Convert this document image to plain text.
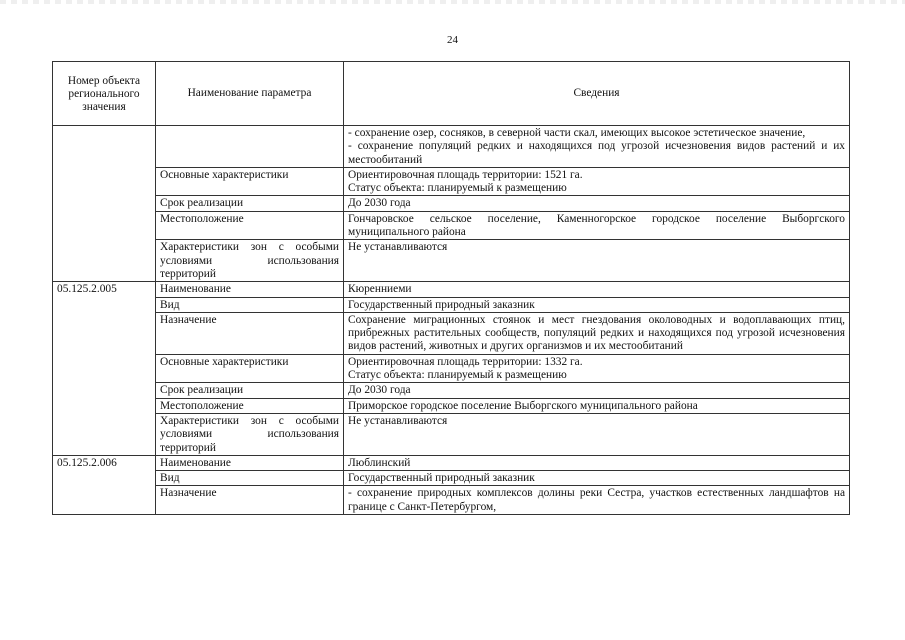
24
Номер объекта регионального значения	Наименование параметра	Сведения

		- сохранение озер, сосняков, в северной части скал, имеющих высокое эстетическое значение,
- сохранение популяций редких и находящихся под угрозой исчезновения видов растений и их местообитаний

	Основные характеристики	Ориентировочная площадь территории: 1521 га.
Статус объекта: планируемый к размещению

	Срок реализации	До 2030 года
	Местоположение	Гончаровское сельское поселение, Каменногорское городское поселение Выборгского муниципального района
	Характеристики зон с особыми условиями использования территорий	Не устанавливаются
05.125.2.005	Наименование	Кюренниеми
	Вид	Государственный природный заказник
	Назначение	Сохранение миграционных стоянок и мест гнездования околоводных и водоплавающих птиц, прибрежных растительных сообществ, популяций редких и находящихся под угрозой исчезновения видов растений, животных и других организмов и их местообитаний
	Основные характеристики	Ориентировочная площадь территории: 1332 га.
Статус объекта: планируемый к размещению

	Срок реализации	До 2030 года
	Местоположение	Приморское городское поселение Выборгского муниципального района
	Характеристики зон с особыми условиями использования территорий	Не устанавливаются
05.125.2.006	Наименование	Люблинский
	Вид	Государственный природный заказник
	Назначение	- сохранение природных комплексов долины реки Сестра, участков естественных ландшафтов на границе с Санкт-Петербургом,
